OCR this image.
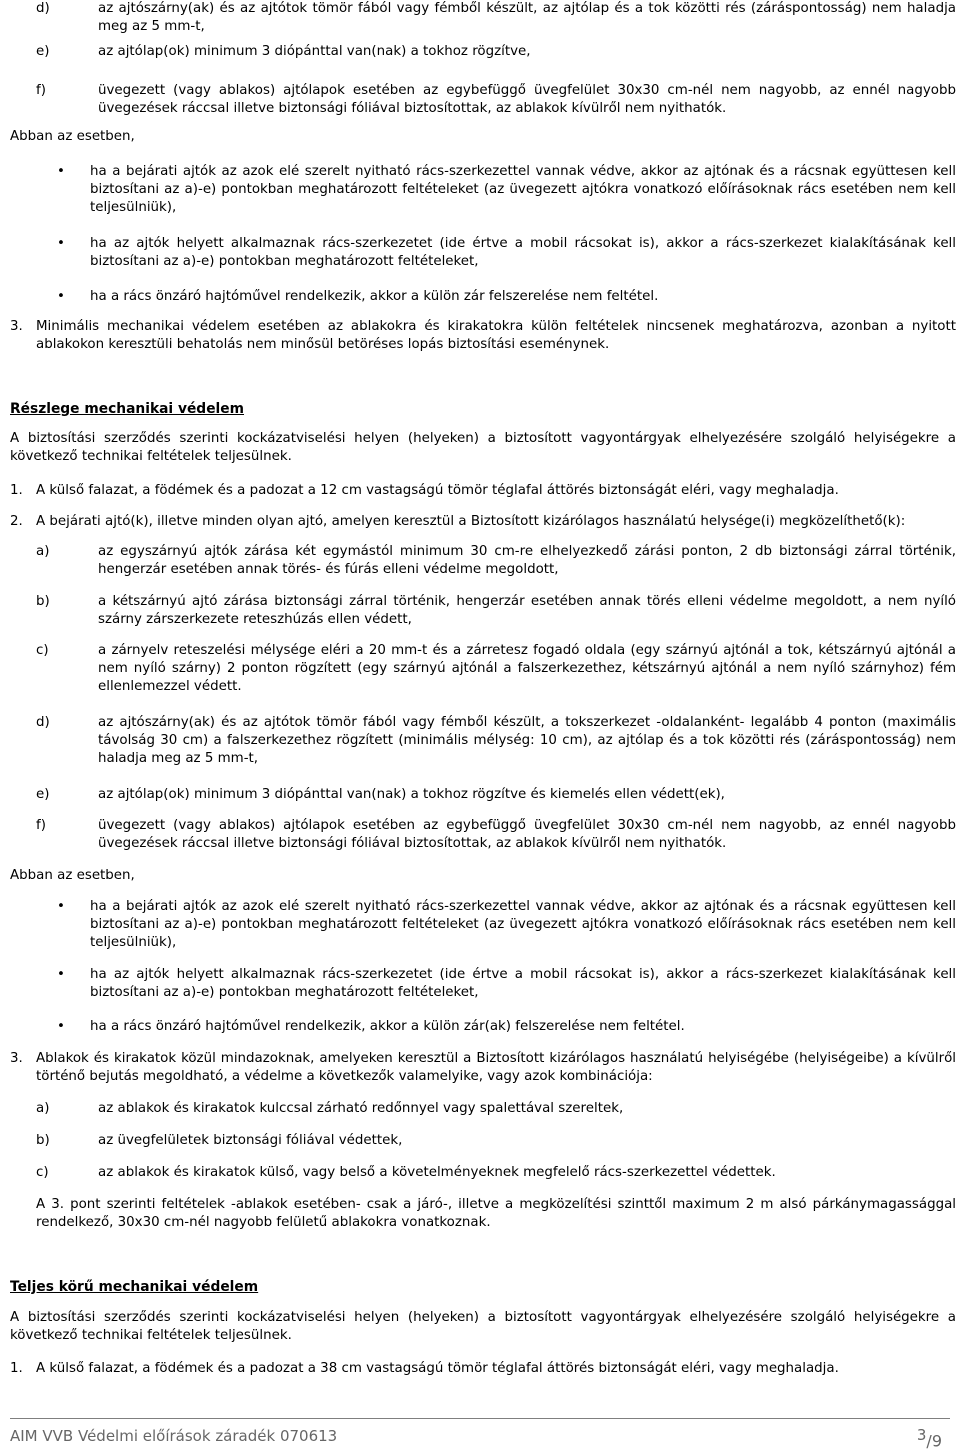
d)	az ajtószárny(ak) és az ajtótok tömör fából vagy fémből készült, az ajtólap és a tok közötti rés (záráspontosság) nem haladja meg az 5 mm-t,
e)	az ajtólap(ok) minimum 3 diópánttal van(nak) a tokhoz rögzítve,
f)	üvegezett (vagy ablakos) ajtólapok esetében az egybefüggő üvegfelület 30x30 cm-nél nem nagyobb, az ennél nagyobb üvegezések ráccsal illetve biztonsági fóliával biztosítottak, az ablakok kívülről nem nyithatók.
Abban az esetben,
• ha a bejárati ajtók az azok elé szerelt nyitható rács-szerkezettel vannak védve, akkor az ajtónak és a rácsnak együttesen kell biztosítani az a)-e) pontokban meghatározott feltételeket (az üvegezett ajtókra vonatkozó előírásoknak rács esetében nem kell teljesülniük),
• ha az ajtók helyett alkalmaznak rács-szerkezetet (ide értve a mobil rácsokat is), akkor a rács-szerkezet kialakításának kell biztosítani az a)-e) pontokban meghatározott feltételeket,
• ha a rács önzáró hajtóművel rendelkezik, akkor a külön zár felszerelése nem feltétel.
3. Minimális mechanikai védelem esetében az ablakokra és kirakatokra külön feltételek nincsenek meghatározva, azonban a nyitott ablakokon keresztüli behatolás nem minősül betöréses lopás biztosítási eseménynek.
Részlege mechanikai védelem
A biztosítási szerződés szerinti kockázatviselési helyen (helyeken) a biztosított vagyontárgyak elhelyezésére szolgáló helyiségekre a következő technikai feltételek teljesülnek.
1. A külső falazat, a födémek és a padozat a 12 cm vastagságú tömör téglafal áttörés biztonságát eléri, vagy meghaladja.
2. A bejárati ajtó(k), illetve minden olyan ajtó, amelyen keresztül a Biztosított kizárólagos használatú helysége(i) megközelíthető(k):
a)	az egyszárnyú ajtók zárása két egymástól minimum 30 cm-re elhelyezkedő zárási ponton, 2 db biztonsági zárral történik, hengerzár esetében annak törés- és fúrás elleni védelme megoldott,
b)	a kétszárnyú ajtó zárása biztonsági zárral történik, hengerzár esetében annak törés elleni védelme megoldott, a nem nyíló szárny zárszerkezete reteszhúzás ellen védett,
c)	a zárnyelv reteszelési mélysége eléri a 20 mm-t és a zárretesz fogadó oldala (egy szárnyú ajtónál a tok, kétszárnyú ajtónál a nem nyíló szárny) 2 ponton rögzített (egy szárnyú ajtónál a falszerkezethez, kétszárnyú ajtónál a nem nyíló szárnyhoz) fém ellenlemezzel védett.
d)	az ajtószárny(ak) és az ajtótok tömör fából vagy fémből készült, a tokszerkezet -oldalanként- legalább 4 ponton (maximális távolság 30 cm) a falszerkezethez rögzített (minimális mélység: 10 cm), az ajtólap és a tok közötti rés (záráspontosság) nem haladja meg az 5 mm-t,
e)	az ajtólap(ok) minimum 3 diópánttal van(nak) a tokhoz rögzítve és kiemelés ellen védett(ek),
f)	üvegezett (vagy ablakos) ajtólapok esetében az egybefüggő üvegfelület 30x30 cm-nél nem nagyobb, az ennél nagyobb üvegezések ráccsal illetve biztonsági fóliával biztosítottak, az ablakok kívülről nem nyithatók.
Abban az esetben,
• ha a bejárati ajtók az azok elé szerelt nyitható rács-szerkezettel vannak védve, akkor az ajtónak és a rácsnak együttesen kell biztosítani az a)-e) pontokban meghatározott feltételeket (az üvegezett ajtókra vonatkozó előírásoknak rács esetében nem kell teljesülniük),
• ha az ajtók helyett alkalmaznak rács-szerkezetet (ide értve a mobil rácsokat is), akkor a rács-szerkezet kialakításának kell biztosítani az a)-e) pontokban meghatározott feltételeket,
• ha a rács önzáró hajtóművel rendelkezik, akkor a külön zár(ak) felszerelése nem feltétel.
3. Ablakok és kirakatok közül mindazoknak, amelyeken keresztül a Biztosított kizárólagos használatú helyiségébe (helyiségeibe) a kívülről történő bejutás megoldható, a védelme a következők valamelyike, vagy azok kombinációja:
a)	az ablakok és kirakatok kulccsal zárható redőnnyel vagy spalettával szereltek,
b)	az üvegfelületek biztonsági fóliával védettek,
c)	az ablakok és kirakatok külső, vagy belső a követelményeknek megfelelő rács-szerkezettel védettek.
A 3. pont szerinti feltételek -ablakok esetében- csak a járó-, illetve a megközelítési szinttől maximum 2 m alsó párkánymagassággal rendelkező, 30x30 cm-nél nagyobb felületű ablakokra vonatkoznak.
Teljes körű mechanikai védelem
A biztosítási szerződés szerinti kockázatviselési helyen (helyeken) a biztosított vagyontárgyak elhelyezésére szolgáló helyiségekre a következő technikai feltételek teljesülnek.
1. A külső falazat, a födémek és a padozat a 38 cm vastagságú tömör téglafal áttörés biztonságát eléri, vagy meghaladja.
AIM VVB Védelmi előírások záradék 070613	$^3$/9
